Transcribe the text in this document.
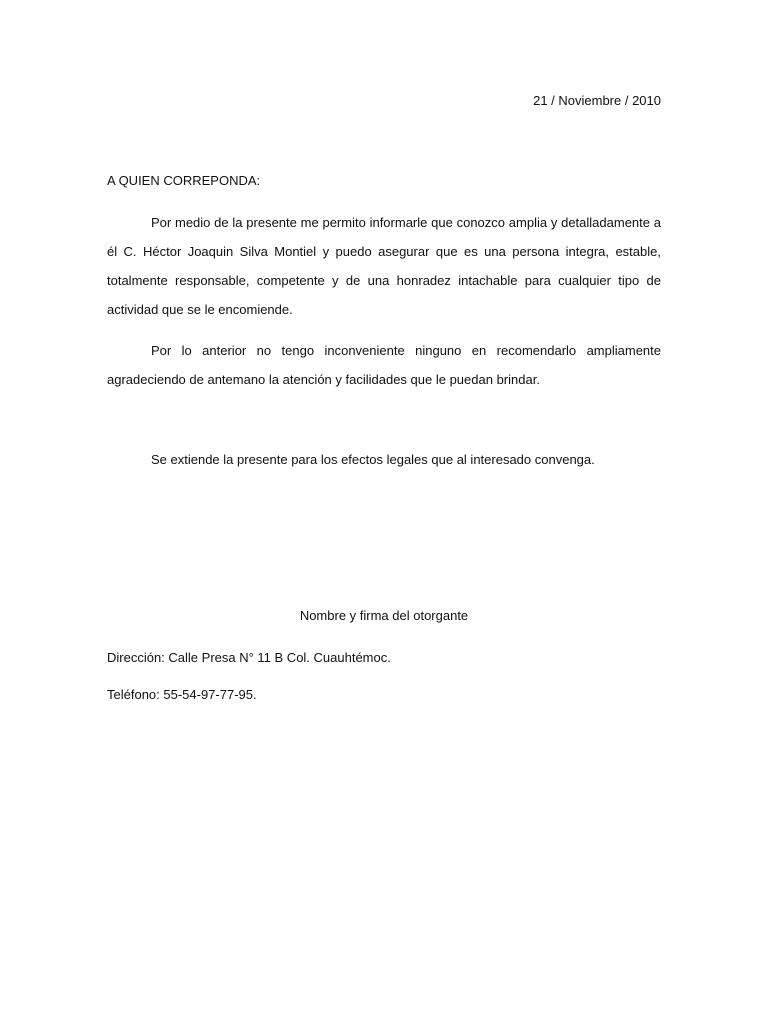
21 / Noviembre / 2010
A QUIEN CORREPONDA:

Por medio de la presente me permito informarle que conozco amplia y detalladamente a él C. Héctor Joaquin Silva Montiel y puedo asegurar que es una persona integra, estable, totalmente responsable, competente y de una honradez intachable para cualquier tipo de actividad que se le encomiende.

Por lo anterior no tengo inconveniente ninguno en recomendarlo ampliamente agradeciendo de antemano la atención y facilidades que le puedan brindar.

Se extiende la presente para los efectos legales que al interesado convenga.

Nombre y firma del otorgante
Dirección: Calle Presa N° 11 B Col. Cuauhtémoc.
Teléfono: 55-54-97-77-95.
